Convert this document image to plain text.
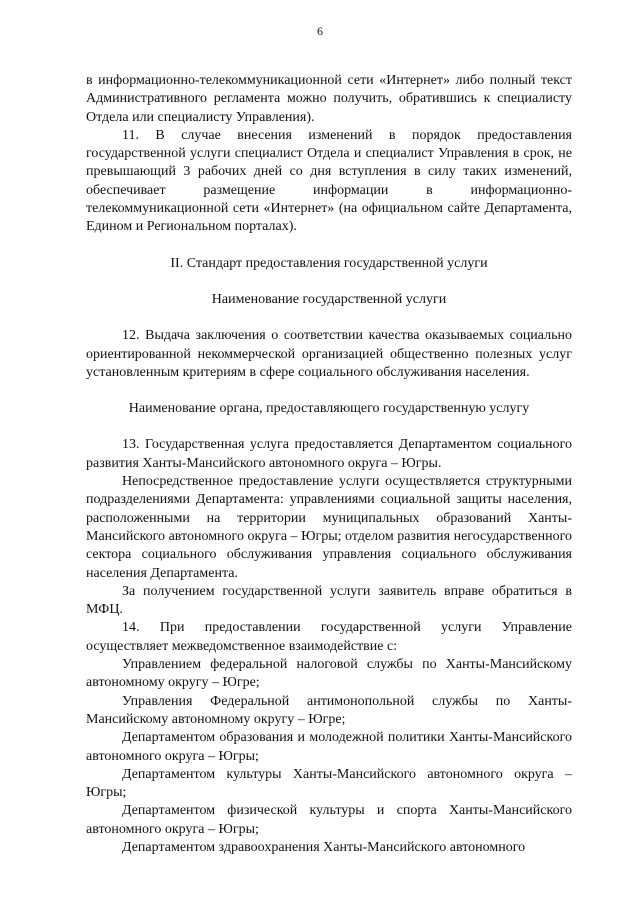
6

в информационно-телекоммуникационной сети «Интернет» либо полный текст Административного регламента можно получить, обратившись к специалисту Отдела или специалисту Управления).

11. В случае внесения изменений в порядок предоставления государственной услуги специалист Отдела и специалист Управления в срок, не превышающий 3 рабочих дней со дня вступления в силу таких изменений, обеспечивает размещение информации в информационно-телекоммуникационной сети «Интернет» (на официальном сайте Департамента, Едином и Региональном порталах).

II. Стандарт предоставления государственной услуги

Наименование государственной услуги

12. Выдача заключения о соответствии качества оказываемых социально ориентированной некоммерческой организацией общественно полезных услуг установленным критериям в сфере социального обслуживания населения.

Наименование органа, предоставляющего государственную услугу

13. Государственная услуга предоставляется Департаментом социального развития Ханты-Мансийского автономного округа – Югры.

Непосредственное предоставление услуги осуществляется структурными подразделениями Департамента: управлениями социальной защиты населения, расположенными на территории муниципальных образований Ханты-Мансийского автономного округа – Югры; отделом развития негосударственного сектора социального обслуживания управления социального обслуживания населения Департамента.

За получением государственной услуги заявитель вправе обратиться в МФЦ.

14. При предоставлении государственной услуги Управление осуществляет межведомственное взаимодействие с:

Управлением федеральной налоговой службы по Ханты-Мансийскому автономному округу – Югре;

Управления Федеральной антимонопольной службы по Ханты-Мансийскому автономному округу – Югре;

Департаментом образования и молодежной политики Ханты-Мансийского автономного округа – Югры;

Департаментом культуры Ханты-Мансийского автономного округа – Югры;

Департаментом физической культуры и спорта Ханты-Мансийского автономного округа – Югры;

Департаментом здравоохранения Ханты-Мансийского автономного
